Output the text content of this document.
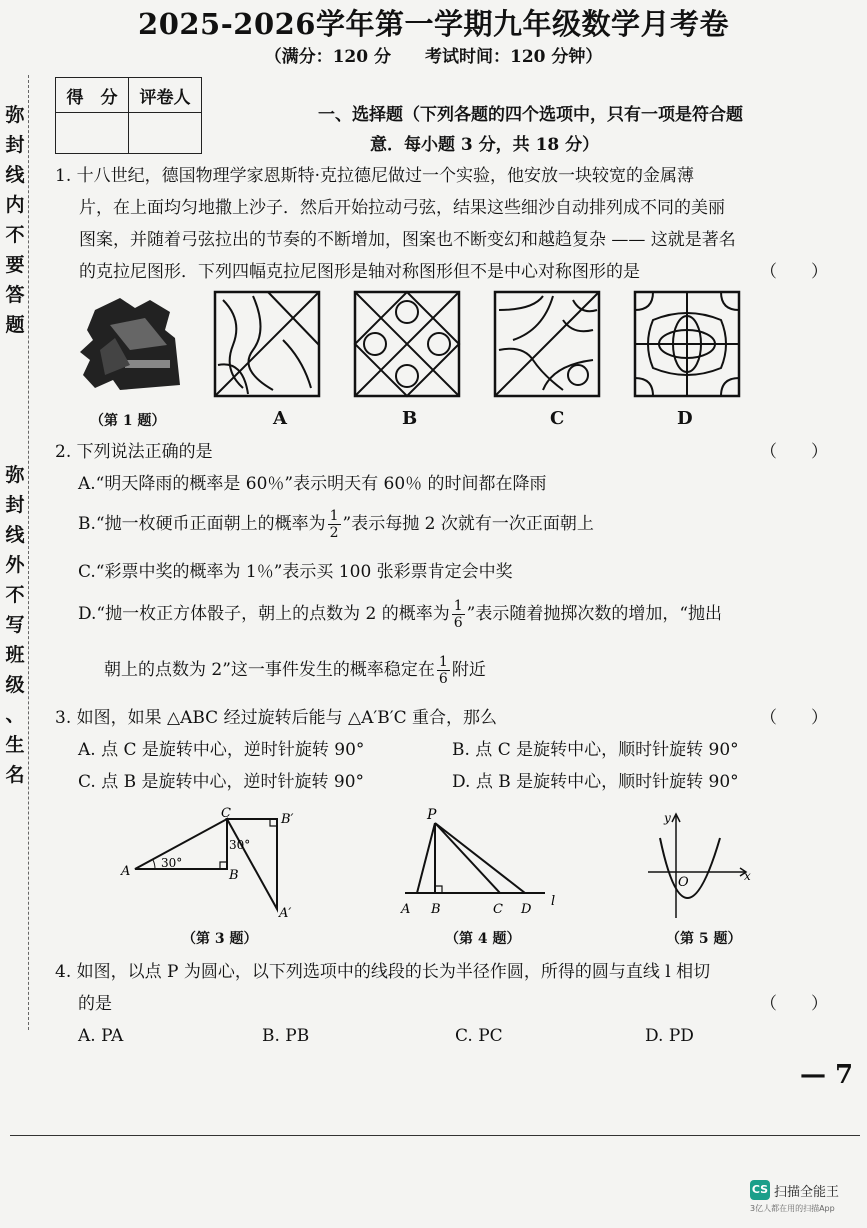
2025-2026学年第一学期九年级数学月考卷
（满分：120 分　　考试时间：120 分钟）
弥
封
线
内
不
要
答
题
弥
封
线
外
不
写
班
级
、
生
名
得　分	评卷人

一、选择题（下列各题的四个选项中，只有一项是符合题
意．每小题 3 分，共 18 分）
1. 十八世纪，德国物理学家恩斯特·克拉德尼做过一个实验，他安放一块较宽的金属薄
片，在上面均匀地撒上沙子．然后开始拉动弓弦，结果这些细沙自动排列成不同的美丽
图案，并随着弓弦拉出的节奏的不断增加，图案也不断变幻和越趋复杂 —— 这就是著名
的克拉尼图形．下列四幅克拉尼图形是轴对称图形但不是中心对称图形的是	（　　）
（第 1 题）	A	B	C	D
2. 下列说法正确的是	（　　）
A.“明天降雨的概率是 60％”表示明天有 60％ 的时间都在降雨
B.“抛一枚硬币正面朝上的概率为 $\frac{1}{2}$ ”表示每抛 2 次就有一次正面朝上
C.“彩票中奖的概率为 1％”表示买 100 张彩票肯定会中奖
D.“抛一枚正方体骰子，朝上的点数为 2 的概率为 $\frac{1}{6}$ ”表示随着抛掷次数的增加，“抛出
朝上的点数为 2”这一事件发生的概率稳定在 $\frac{1}{6}$ 附近
3. 如图，如果 △ABC 经过旋转后能与 △A′B′C 重合，那么	（　　）
A. 点 C 是旋转中心，逆时针旋转 90°	B. 点 C 是旋转中心，顺时针旋转 90°
C. 点 B 是旋转中心，逆时针旋转 90°	D. 点 B 是旋转中心，顺时针旋转 90°
A	B
C	B′
A′
30°
30°
（第 3 题）
P
A B	C D
l
（第 4 题）
y
x
O
（第 5 题）
4. 如图，以点 P 为圆心，以下列选项中的线段的长为半径作圆，所得的圆与直线 l 相切
的是	（　　）
A. PA	B. PB	C. PC	D. PD
— 7
CS 扫描全能王
3亿人都在用的扫描App
